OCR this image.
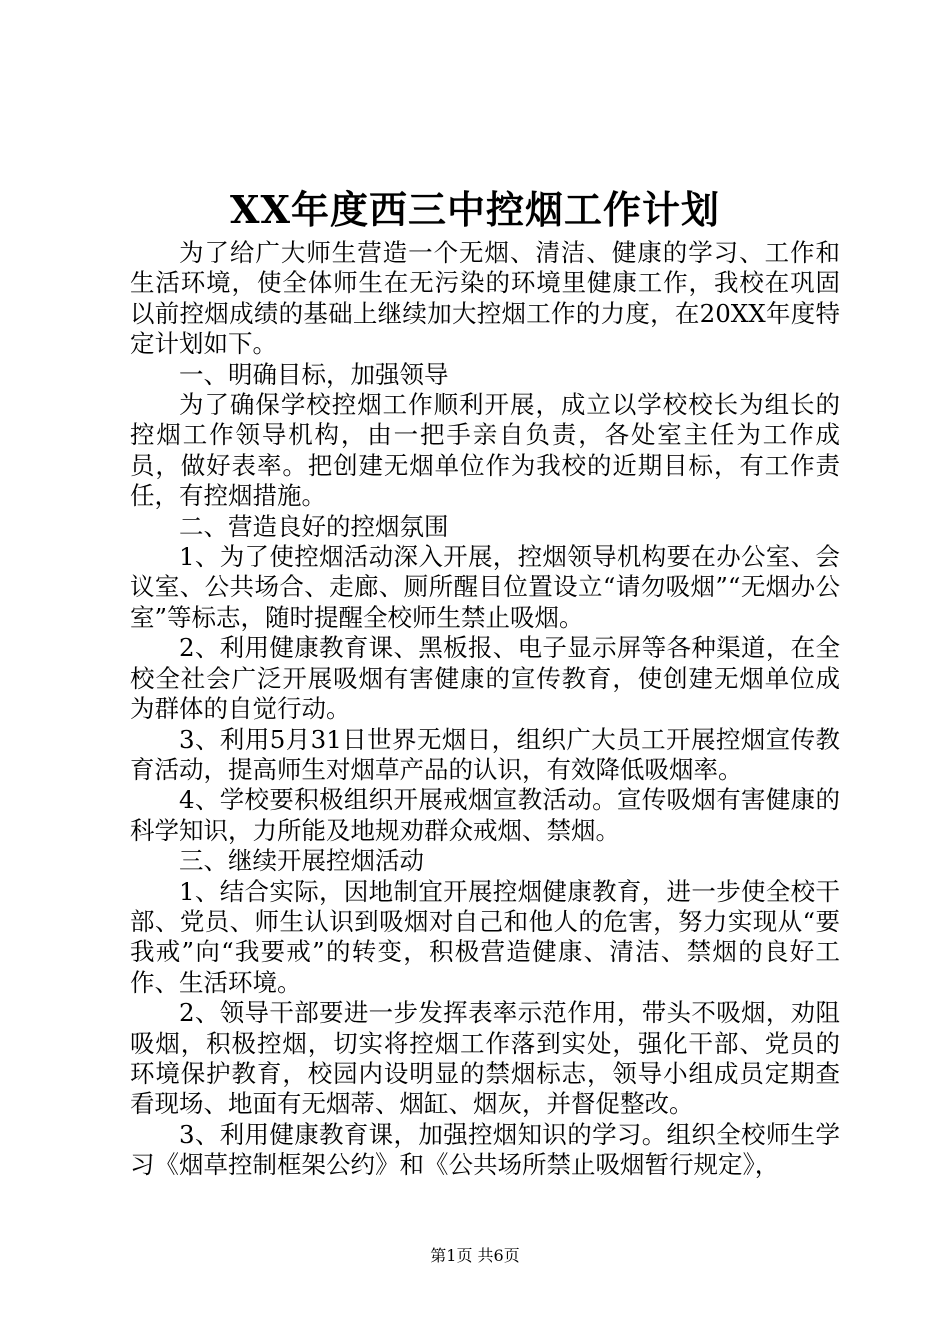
XX年度西三中控烟工作计划

为了给广大师生营造一个无烟、清洁、健康的学习、工作和生活环境，使全体师生在无污染的环境里健康工作，我校在巩固以前控烟成绩的基础上继续加大控烟工作的力度，在20XX年度特定计划如下。

一、明确目标，加强领导

为了确保学校控烟工作顺利开展，成立以学校校长为组长的控烟工作领导机构，由一把手亲自负责，各处室主任为工作成员，做好表率。把创建无烟单位作为我校的近期目标，有工作责任，有控烟措施。

二、营造良好的控烟氛围

1、为了使控烟活动深入开展，控烟领导机构要在办公室、会议室、公共场合、走廊、厕所醒目位置设立“请勿吸烟”“无烟办公室”等标志，随时提醒全校师生禁止吸烟。

2、利用健康教育课、黑板报、电子显示屏等各种渠道，在全校全社会广泛开展吸烟有害健康的宣传教育，使创建无烟单位成为群体的自觉行动。

3、利用5月31日世界无烟日，组织广大员工开展控烟宣传教育活动，提高师生对烟草产品的认识，有效降低吸烟率。

4、学校要积极组织开展戒烟宣教活动。宣传吸烟有害健康的科学知识，力所能及地规劝群众戒烟、禁烟。

三、继续开展控烟活动

1、结合实际，因地制宜开展控烟健康教育，进一步使全校干部、党员、师生认识到吸烟对自己和他人的危害，努力实现从“要我戒”向“我要戒”的转变，积极营造健康、清洁、禁烟的良好工作、生活环境。

2、领导干部要进一步发挥表率示范作用，带头不吸烟，劝阻吸烟，积极控烟，切实将控烟工作落到实处，强化干部、党员的环境保护教育，校园内设明显的禁烟标志，领导小组成员定期查看现场、地面有无烟蒂、烟缸、烟灰，并督促整改。

3、利用健康教育课，加强控烟知识的学习。组织全校师生学习《烟草控制框架公约》和《公共场所禁止吸烟暂行规定》，

第1页 共6页
